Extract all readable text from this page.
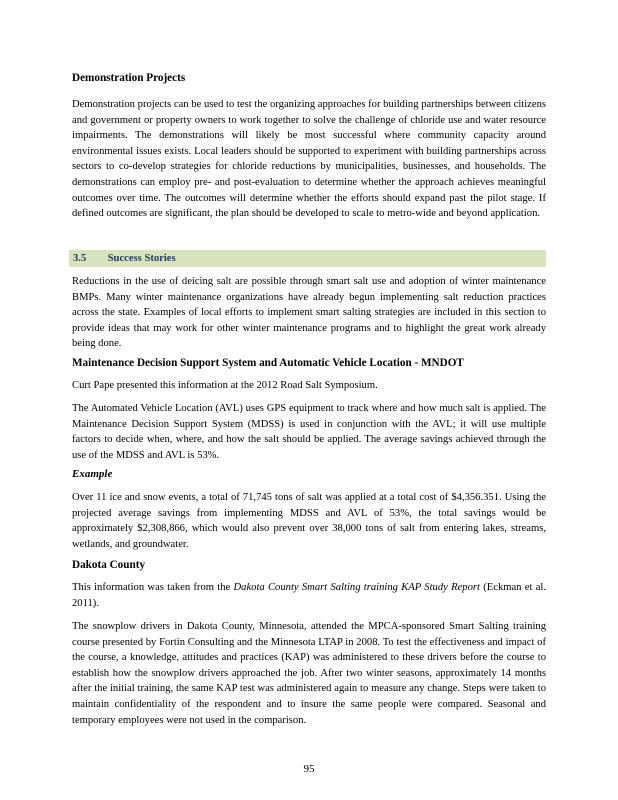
Demonstration Projects

Demonstration projects can be used to test the organizing approaches for building partnerships between citizens and government or property owners to work together to solve the challenge of chloride use and water resource impairments. The demonstrations will likely be most successful where community capacity around environmental issues exists. Local leaders should be supported to experiment with building partnerships across sectors to co-develop strategies for chloride reductions by municipalities, businesses, and households. The demonstrations can employ pre- and post-evaluation to determine whether the approach achieves meaningful outcomes over time. The outcomes will determine whether the efforts should expand past the pilot stage. If defined outcomes are significant, the plan should be developed to scale to metro-wide and beyond application.

3.5 Success Stories

Reductions in the use of deicing salt are possible through smart salt use and adoption of winter maintenance BMPs. Many winter maintenance organizations have already begun implementing salt reduction practices across the state. Examples of local efforts to implement smart salting strategies are included in this section to provide ideas that may work for other winter maintenance programs and to highlight the great work already being done.

Maintenance Decision Support System and Automatic Vehicle Location - MNDOT

Curt Pape presented this information at the 2012 Road Salt Symposium.

The Automated Vehicle Location (AVL) uses GPS equipment to track where and how much salt is applied. The Maintenance Decision Support System (MDSS) is used in conjunction with the AVL; it will use multiple factors to decide when, where, and how the salt should be applied. The average savings achieved through the use of the MDSS and AVL is 53%.

Example

Over 11 ice and snow events, a total of 71,745 tons of salt was applied at a total cost of $4,356.351. Using the projected average savings from implementing MDSS and AVL of 53%, the total savings would be approximately $2,308,866, which would also prevent over 38,000 tons of salt from entering lakes, streams, wetlands, and groundwater.

Dakota County

This information was taken from the Dakota County Smart Salting training KAP Study Report (Eckman et al. 2011).

The snowplow drivers in Dakota County, Minnesota, attended the MPCA-sponsored Smart Salting training course presented by Fortin Consulting and the Minnesota LTAP in 2008. To test the effectiveness and impact of the course, a knowledge, attitudes and practices (KAP) was administered to these drivers before the course to establish how the snowplow drivers approached the job. After two winter seasons, approximately 14 months after the initial training, the same KAP test was administered again to measure any change. Steps were taken to maintain confidentiality of the respondent and to insure the same people were compared. Seasonal and temporary employees were not used in the comparison.

95
